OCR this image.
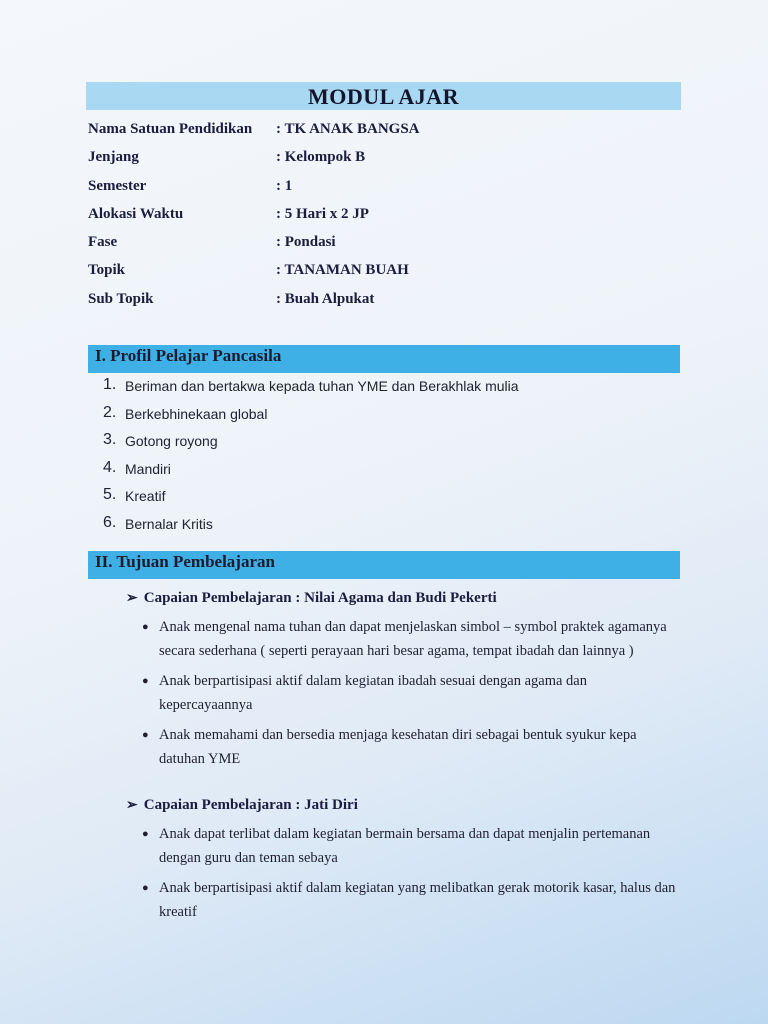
MODUL AJAR
Nama Satuan Pendidikan : TK ANAK BANGSA
Jenjang	: Kelompok B
Semester	: 1
Alokasi Waktu	: 5 Hari x 2 JP
Fase	: Pondasi
Topik	: TANAMAN BUAH
Sub Topik	: Buah Alpukat
I. Profil Pelajar Pancasila
1. Beriman dan bertakwa kepada tuhan YME dan Berakhlak mulia
2. Berkebhinekaan global
3. Gotong royong
4. Mandiri
5. Kreatif
6. Bernalar Kritis
II. Tujuan Pembelajaran
➢ Capaian Pembelajaran : Nilai Agama dan Budi Pekerti
● Anak mengenal nama tuhan dan dapat menjelaskan simbol – symbol praktek agamanya secara sederhana ( seperti perayaan hari besar agama, tempat ibadah dan lainnya )
● Anak berpartisipasi aktif dalam kegiatan ibadah sesuai dengan agama dan kepercayaannya
● Anak memahami dan bersedia menjaga kesehatan diri sebagai bentuk syukur kepa datuhan YME
➢ Capaian Pembelajaran : Jati Diri
● Anak dapat terlibat dalam kegiatan bermain bersama dan dapat menjalin pertemanan dengan guru dan teman sebaya
● Anak berpartisipasi aktif dalam kegiatan yang melibatkan gerak motorik kasar, halus dan kreatif
